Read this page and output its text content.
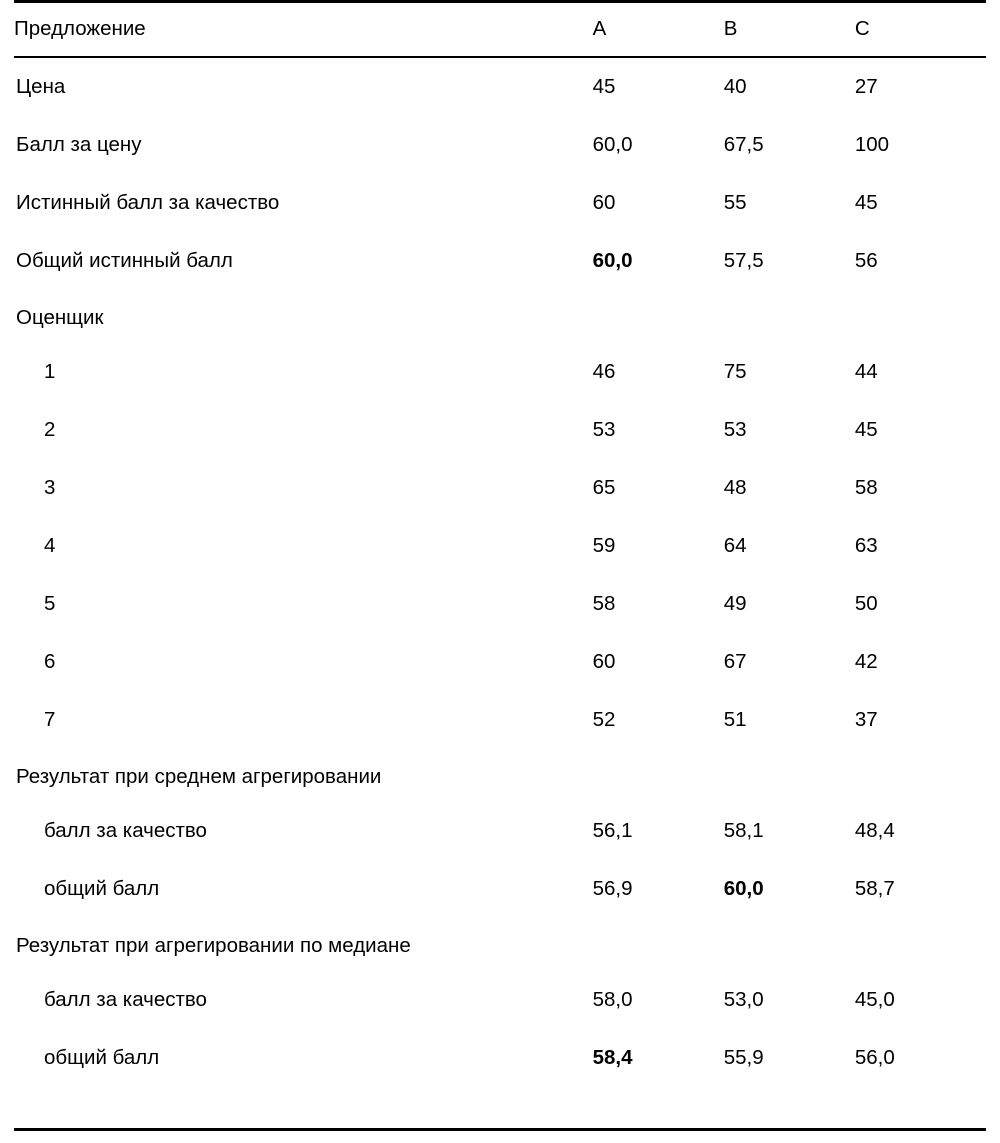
Предложение	A	B	C
Цена	45	40	27
Балл за цену	60,0	67,5	100
Истинный балл за качество	60	55	45
Общий истинный балл	60,0	57,5	56
Оценщик			
1	46	75	44
2	53	53	45
3	65	48	58
4	59	64	63
5	58	49	50
6	60	67	42
7	52	51	37
Результат при среднем агрегировании			
балл за качество	56,1	58,1	48,4
общий балл	56,9	60,0	58,7
Результат при агрегировании по медиане			
балл за качество	58,0	53,0	45,0
общий балл	58,4	55,9	56,0
